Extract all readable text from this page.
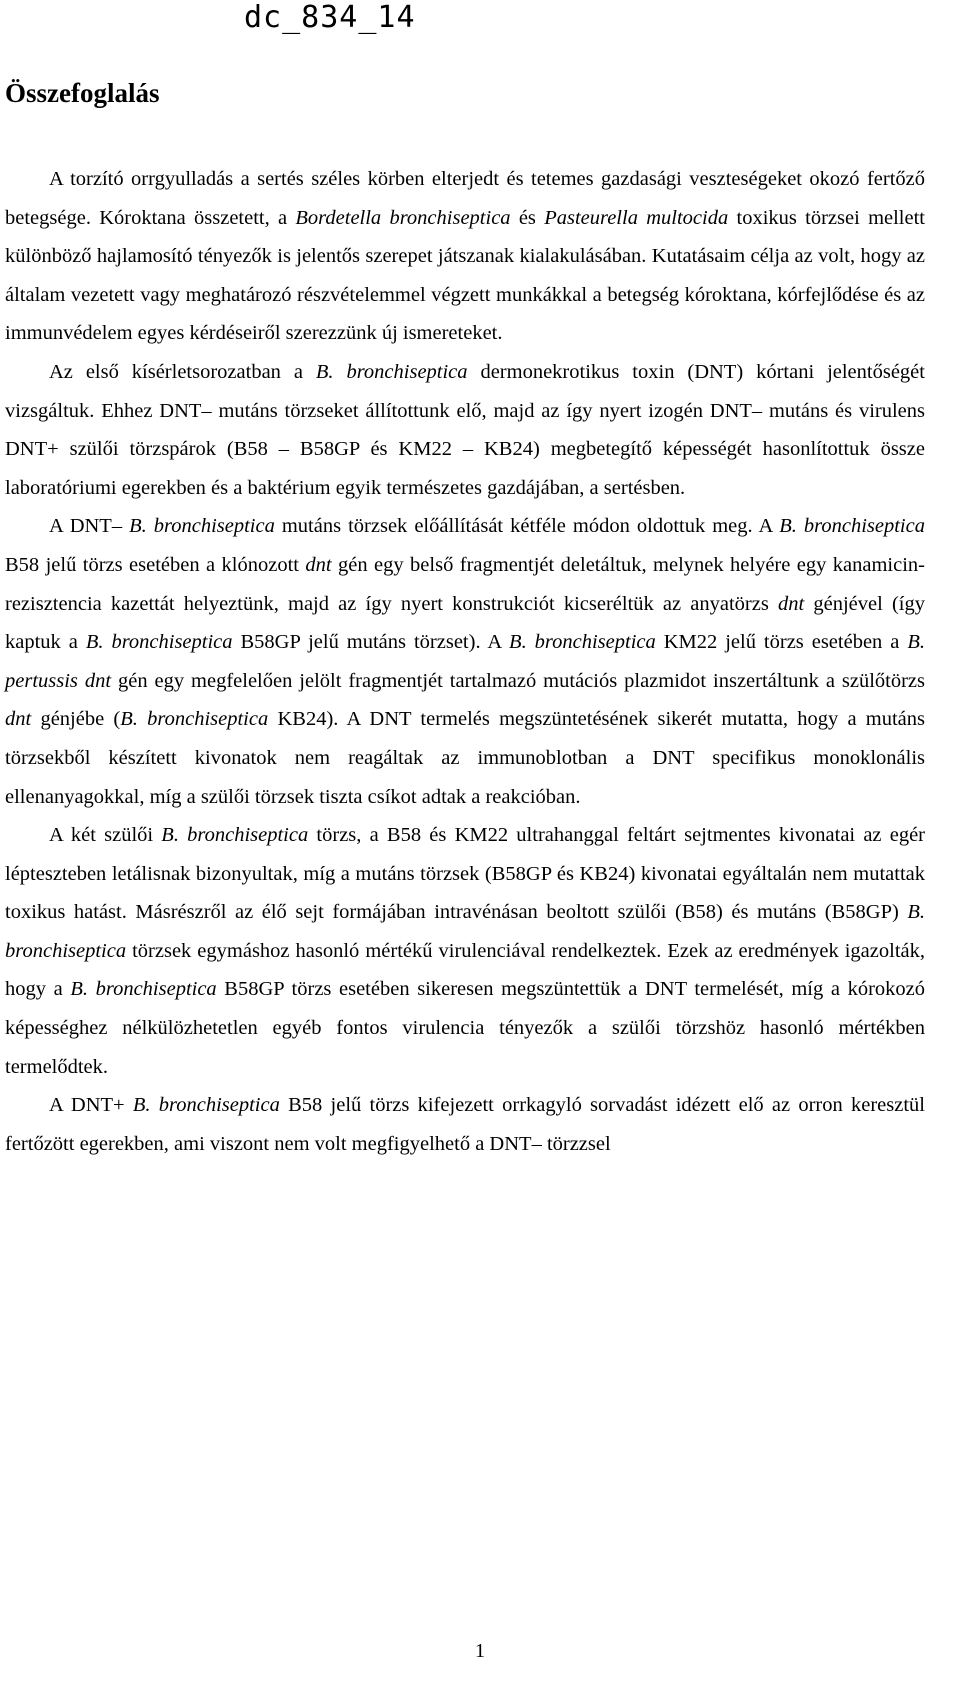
dc_834_14
Összefoglalás

A torzító orrgyulladás a sertés széles körben elterjedt és tetemes gazdasági veszteségeket okozó fertőző betegsége. Kóroktana összetett, a Bordetella bronchiseptica és Pasteurella multocida toxikus törzsei mellett különböző hajlamosító tényezők is jelentős szerepet játszanak kialakulásában. Kutatásaim célja az volt, hogy az általam vezetett vagy meghatározó részvételemmel végzett munkákkal a betegség kóroktana, kórfejlődése és az immunvédelem egyes kérdéseiről szerezzünk új ismereteket.

Az első kísérletsorozatban a B. bronchiseptica dermonekrotikus toxin (DNT) kórtani jelentőségét vizsgáltuk. Ehhez DNT– mutáns törzseket állítottunk elő, majd az így nyert izogén DNT– mutáns és virulens DNT+ szülői törzspárok (B58 – B58GP és KM22 – KB24) megbetegítő képességét hasonlítottuk össze laboratóriumi egerekben és a baktérium egyik természetes gazdájában, a sertésben.

A DNT– B. bronchiseptica mutáns törzsek előállítását kétféle módon oldottuk meg. A B. bronchiseptica B58 jelű törzs esetében a klónozott dnt gén egy belső fragmentjét deletáltuk, melynek helyére egy kanamicin-rezisztencia kazettát helyeztünk, majd az így nyert konstrukciót kicseréltük az anyatörzs dnt génjével (így kaptuk a B. bronchiseptica B58GP jelű mutáns törzset). A B. bronchiseptica KM22 jelű törzs esetében a B. pertussis dnt gén egy megfelelően jelölt fragmentjét tartalmazó mutációs plazmidot inszertáltunk a szülőtörzs dnt génjébe (B. bronchiseptica KB24). A DNT termelés megszüntetésének sikerét mutatta, hogy a mutáns törzsekből készített kivonatok nem reagáltak az immunoblotban a DNT specifikus monoklonális ellenanyagokkal, míg a szülői törzsek tiszta csíkot adtak a reakcióban.

A két szülői B. bronchiseptica törzs, a B58 és KM22 ultrahanggal feltárt sejtmentes kivonatai az egér lépteszteben letálisnak bizonyultak, míg a mutáns törzsek (B58GP és KB24) kivonatai egyáltalán nem mutattak toxikus hatást. Másrészről az élő sejt formájában intravénásan beoltott szülői (B58) és mutáns (B58GP) B. bronchiseptica törzsek egymáshoz hasonló mértékű virulenciával rendelkeztek. Ezek az eredmények igazolták, hogy a B. bronchiseptica B58GP törzs esetében sikeresen megszüntettük a DNT termelését, míg a kórokozó képességhez nélkülözhetetlen egyéb fontos virulencia tényezők a szülői törzshöz hasonló mértékben termelődtek.

A DNT+ B. bronchiseptica B58 jelű törzs kifejezett orrkagyló sorvadást idézett elő az orron keresztül fertőzött egerekben, ami viszont nem volt megfigyelhető a DNT– törzzsel

1
